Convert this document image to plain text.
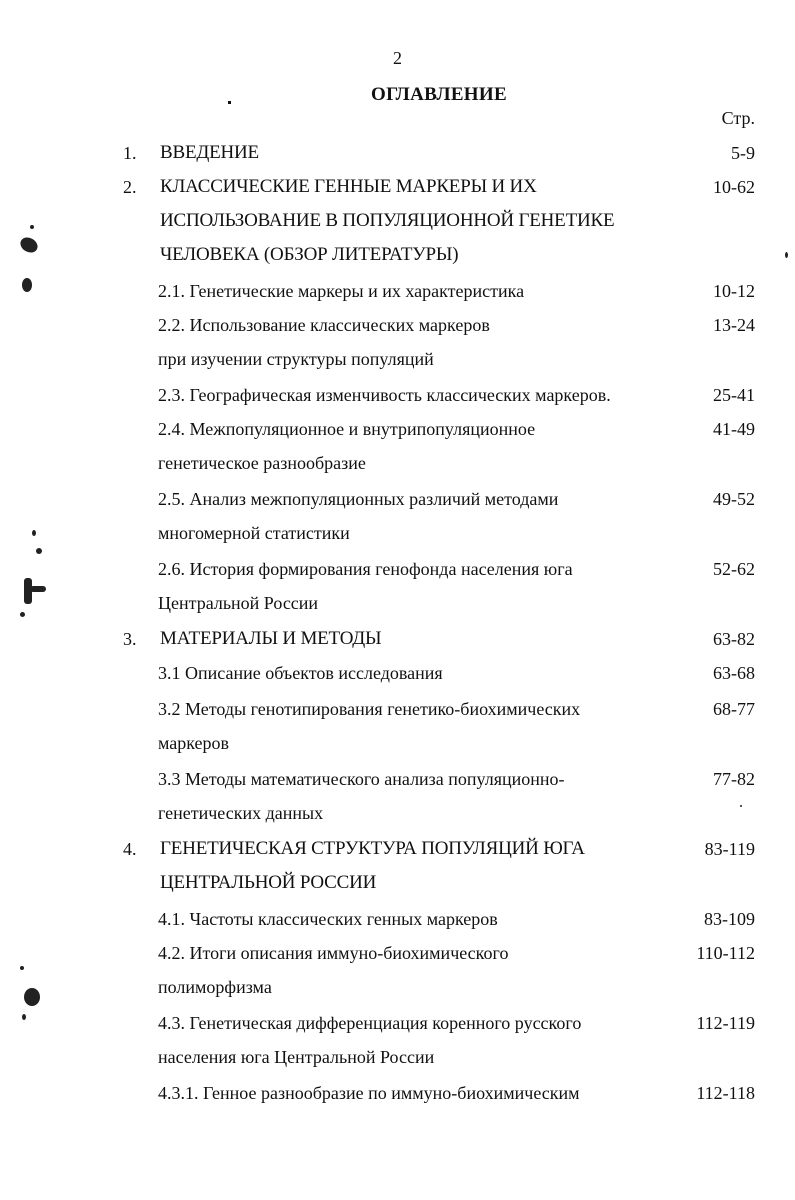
2
ОГЛАВЛЕНИЕ
Стр.
1. ВВЕДЕНИЕ	5-9
2. КЛАССИЧЕСКИЕ ГЕННЫЕ МАРКЕРЫ И ИХ	10-62
ИСПОЛЬЗОВАНИЕ В ПОПУЛЯЦИОННОЙ ГЕНЕТИКЕ
ЧЕЛОВЕКА (ОБЗОР ЛИТЕРАТУРЫ)
2.1. Генетические маркеры и их характеристика	10-12
2.2. Использование классических маркеров	13-24
при изучении структуры популяций
2.3. Географическая изменчивость классических маркеров.	25-41
2.4. Межпопуляционное и внутрипопуляционное	41-49
генетическое разнообразие
2.5. Анализ межпопуляционных различий методами	49-52
многомерной статистики
2.6. История формирования генофонда населения юга	52-62
Центральной России
3. МАТЕРИАЛЫ И МЕТОДЫ	63-82
3.1 Описание объектов исследования	63-68
3.2 Методы генотипирования генетико-биохимических	68-77
маркеров
3.3 Методы математического анализа популяционно-	77-82
генетических данных
4. ГЕНЕТИЧЕСКАЯ СТРУКТУРА ПОПУЛЯЦИЙ ЮГА	83-119
ЦЕНТРАЛЬНОЙ РОССИИ
4.1. Частоты классических генных маркеров	83-109
4.2. Итоги описания иммуно-биохимического	110-112
полиморфизма
4.3. Генетическая дифференциация коренного русского	112-119
населения юга Центральной России
4.3.1. Генное разнообразие по иммуно-биохимическим	112-118
